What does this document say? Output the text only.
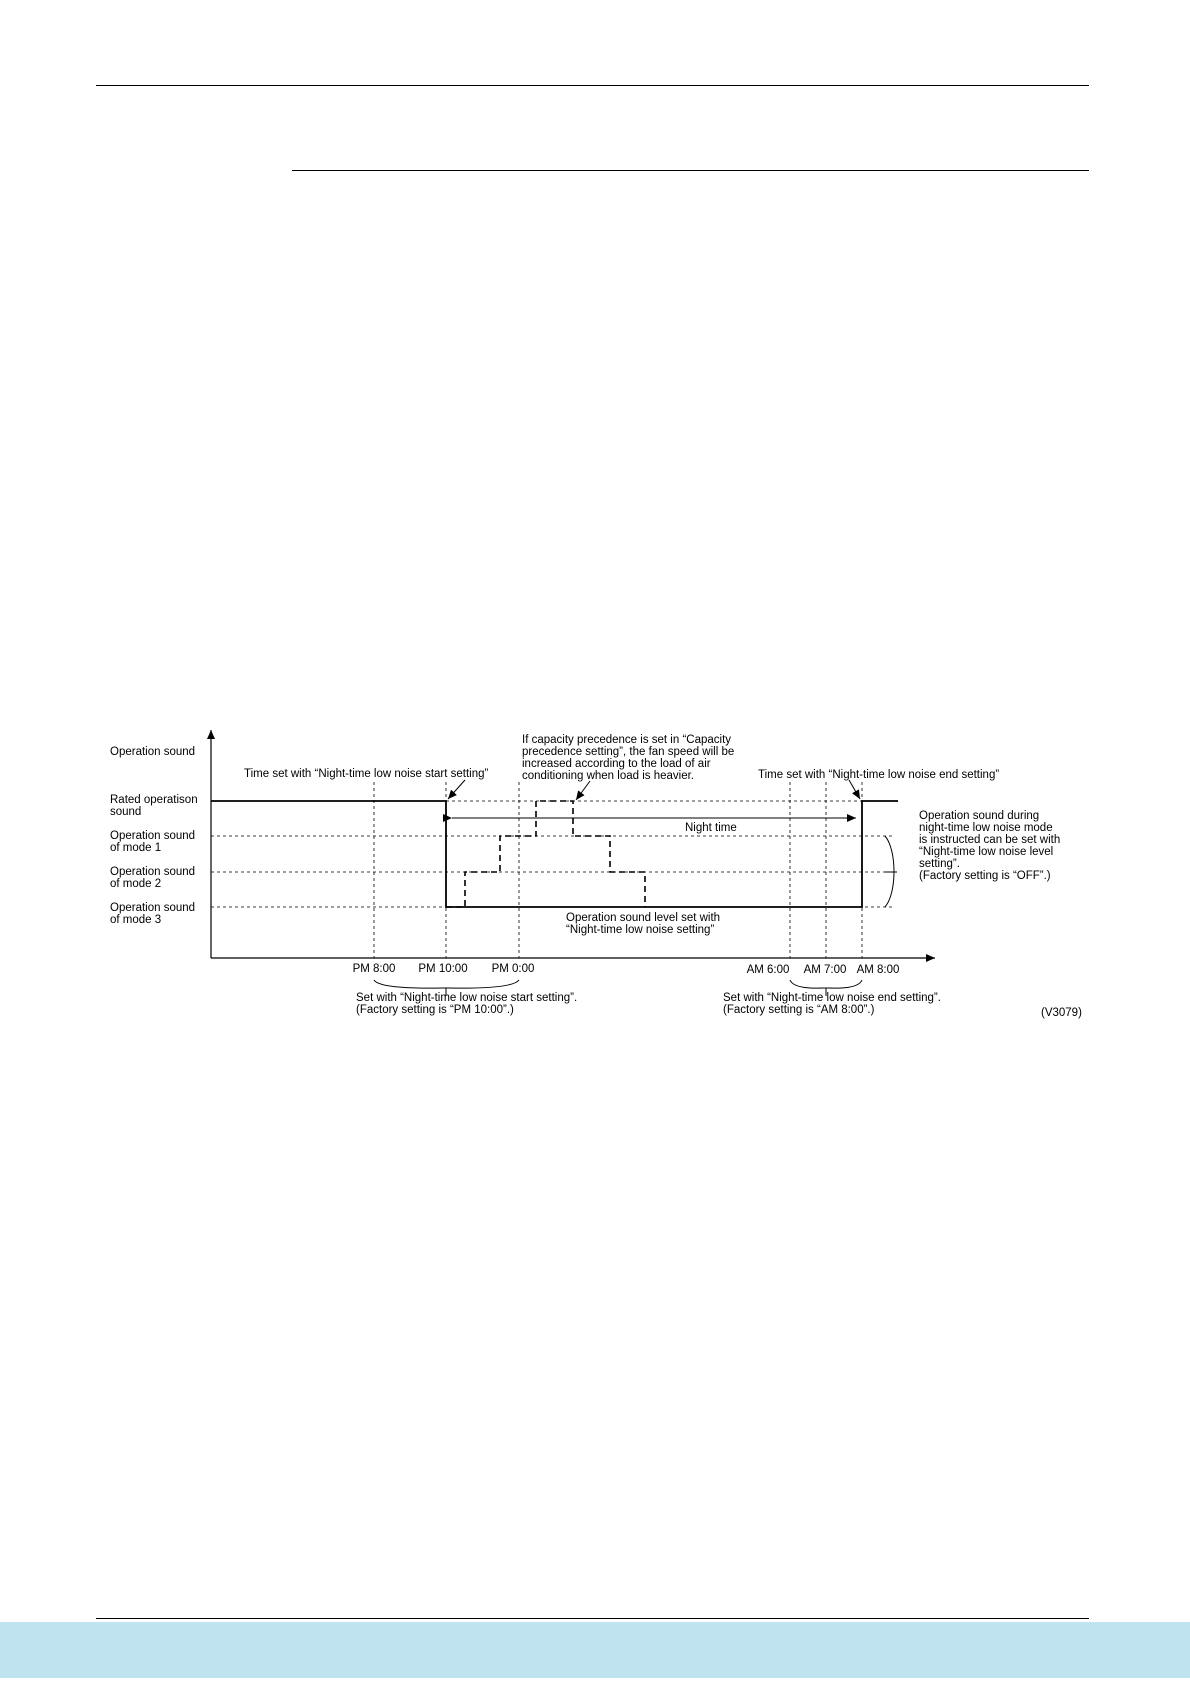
Operation sound
Rated operatison sound
Operation sound of mode 1
Operation sound of mode 2
Operation sound of mode 3
Time set with “Night-time low noise start setting”	Time set with “Night-time low noise end setting”
If capacity precedence is set in “Capacity precedence setting”, the fan speed will be increased according to the load of air conditioning when load is heavier.
Night time
Operation sound level set with “Night-time low noise setting”
Operation sound during night-time low noise mode is instructed can be set with “Night-time low noise level setting”. (Factory setting is “OFF”.)
PM 8:00 PM 10:00 PM 0:00	AM 6:00 AM 7:00 AM 8:00
Set with “Night-time low noise start setting”. (Factory setting is “PM 10:00”.)
Set with “Night-time low noise end setting”. (Factory setting is “AM 8:00”.)	(V3079)
